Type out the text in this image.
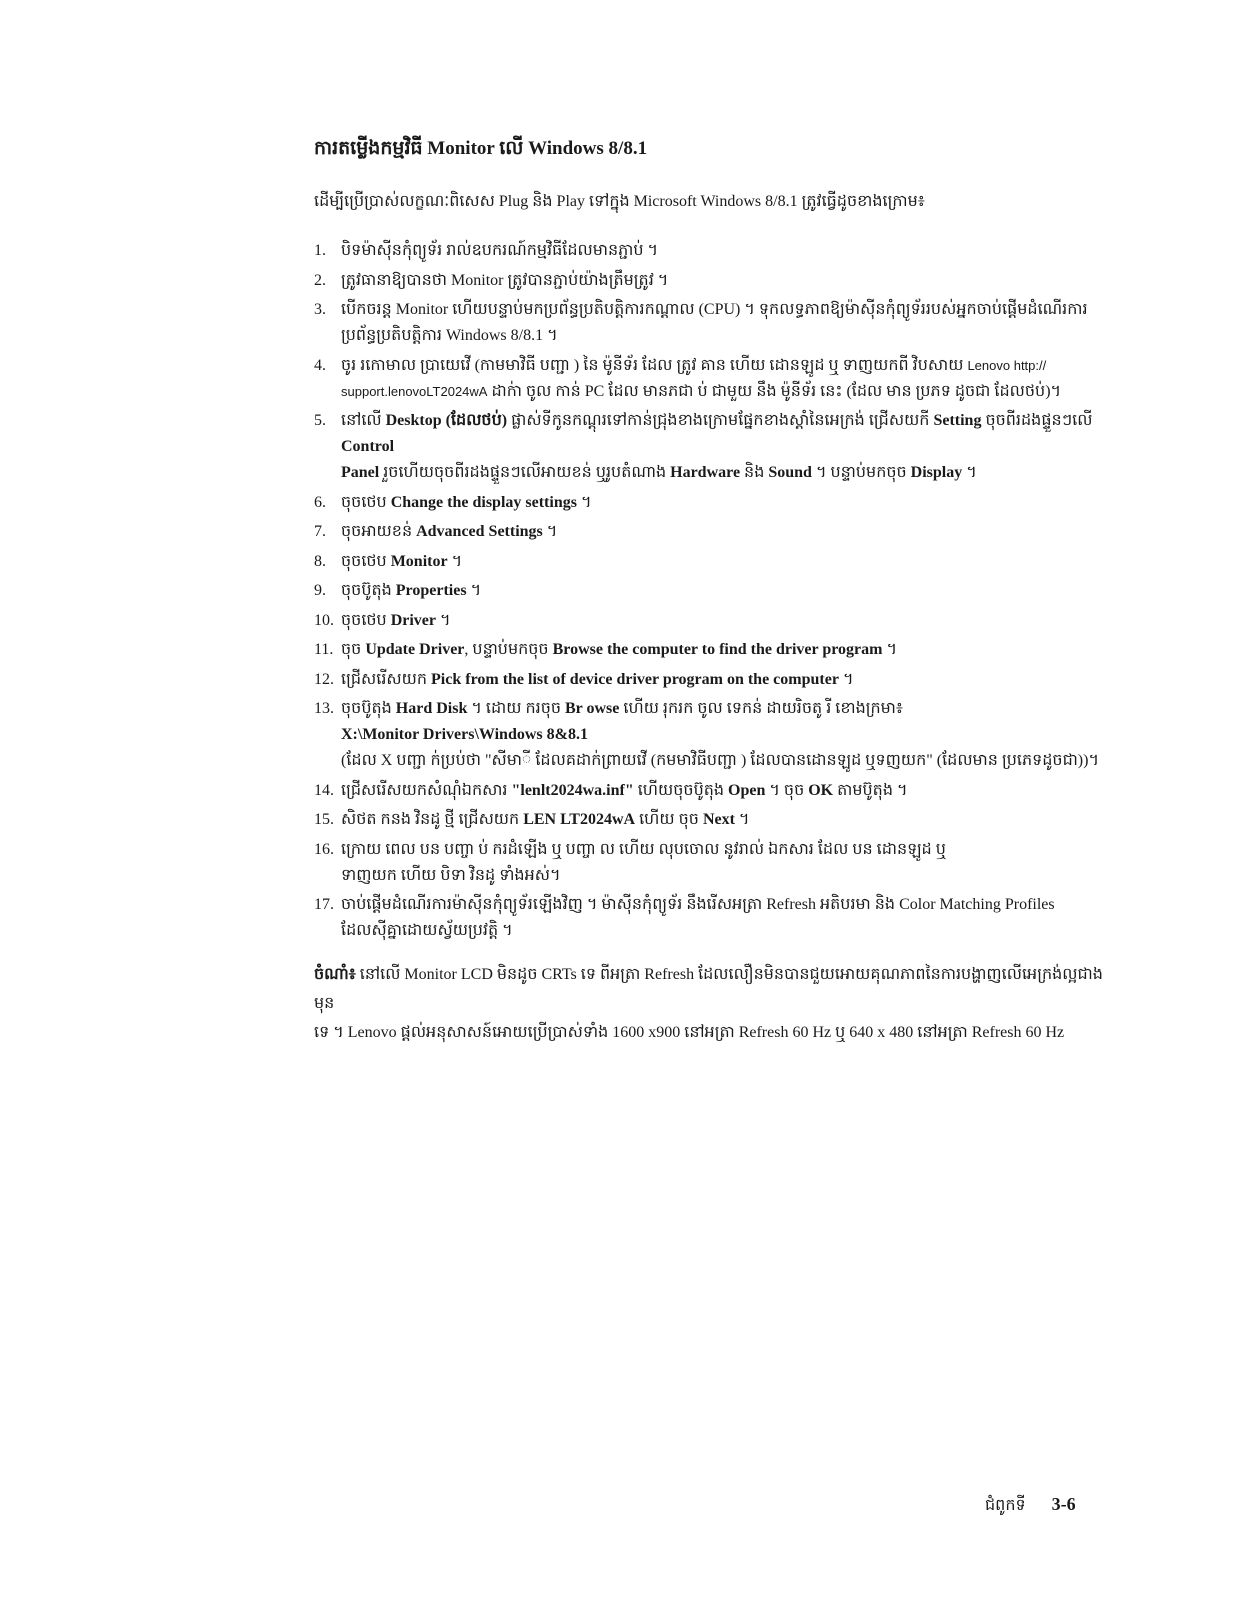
ការតម្លើងកម្មវិធី Monitor លើ Windows 8/8.1

ដើម្បីប្រើប្រាស់លក្ខណៈពិសេស Plug និង Play ទៅក្នុង Microsoft Windows 8/8.1 ត្រូវធ្វើដូចខាងក្រោម៖

1. បិទម៉ាស៊ីនកុំព្យូទ័រ រាល់ឧបករណ៍កម្មវិធីដែលមានភ្ជាប់ ។
2. ត្រូវធានាឱ្យបានថា Monitor ត្រូវបានភ្ជាប់យ៉ាងត្រឹមត្រូវ ។
3. បើកចរន្ត Monitor ហើយបន្ទាប់មកប្រព័ន្ធប្រតិបត្តិការកណ្តាល (CPU) ។ ទុកលទ្ធភាពឱ្យម៉ាស៊ីនកុំព្យូទ័ររបស់អ្នកចាប់ផ្តើមដំណើរការ
ប្រព័ន្ធប្រតិបត្តិការ Windows 8/8.1 ។
4. ចូរ រកោមាល ប្រាយេវើ (កាមមាវិធី បញ្ជា ) នៃ ម៉ូនីទ័រ ដែល ត្រូវ គាន ហើយ ដោនឡូដ ឬ ទាញយកពី វិបសាយ Lenovo http://
support.lenovoLT2024wA ដាក់ា ចូល កាន់ PC ដែល មានភជា ប់ ជាមួយ នឹង ម៉ូនីទ័រ នេះ (ដែល មាន ប្រភទ ដូចជា ដែលថប់)។
5. នៅលើ Desktop (ដែលថប់) ផ្លាស់ទីកូនកណ្តុរទៅកាន់ជ្រុងខាងក្រោមផ្នែកខាងស្តាំនៃអេក្រង់ ជ្រើសយកី Setting ចុចពីរដងផ្ទួនៗលើ Control
Panel រួចហើយចុចពីរដងផ្ទួនៗលើអាយខន់ ឬរូបតំណាង Hardware និង Sound ។ បន្ទាប់មកចុច Display ។
6. ចុចថេប Change the display settings ។
7. ចុចអាយខន់ Advanced Settings ។
8. ចុចថេប Monitor ។
9. ចុចប៊ូតុង Properties ។
10. ចុចថេប Driver ។
11. ចុច Update Driver, បន្ទាប់មកចុច Browse the computer to find the driver program ។
12. ជ្រើសរើសយក Pick from the list of device driver program on the computer ។
13. ចុចប៊ូតុង Hard Disk ។ ដោយ ករចុច Br owse ហើយ រុករក ចូល ទេកន់ ដាយរិចតូ រី ខោងក្រមា៖
X:\Monitor Drivers\Windows 8&8.1
(ដែល X បញ្ជា ក់ប្រប់ថា "សីមាី ដែលគដាក់ព្រាយវើ (កមមាវិធីបញ្ជា ) ដែលបានដោនឡូដ ឬទញយក" (ដែលមាន ប្រភេទដូចជា))។
14. ជ្រើសរើសយកសំណុំឯកសារ "lenlt2024wa.inf" ហើយចុចប៊ូតុង Open ។ ចុច OK តាមប៊ូតុង ។
15. សិថត កនង វិនដូ ថ្មី ជ្រើសយក LEN LT2024wA ហើយ ចុច Next ។
16. ក្រោយ ពេល បន បញ្ចា ប់ ករដំឡើង ឬ បញ្ចា ល ហើយ លុបចោល នូវរាល់ ឯកសារ ដែល បន ដោនឡូដ ឬ
ទាញយក ហើយ បិទា វិនដូ ទាំងអស់។
17. ចាប់ផ្តើមដំណើរការម៉ាស៊ីនកុំព្យូទ័រឡើងវិញ ។ ម៉ាស៊ីនកុំព្យូទ័រ នឹងរើសអត្រា Refresh អតិបរមា និង Color Matching Profiles
ដែលស៊ីគ្នាដោយស្វ័យប្រវត្តិ ។
ចំណាំ៖ នៅលើ Monitor LCD មិនដូច CRTs ទេ ពីអត្រា Refresh ដែលលឿនមិនបានជួយអោយគុណភាពនៃការបង្ហាញលើអេក្រង់ល្អជាងមុន
ទេ ។ Lenovo ផ្តល់អនុសាសន៍អោយប្រើប្រាស់ទាំង 1600 x900 នៅអត្រា Refresh 60 Hz ឬ 640 x 480 នៅអត្រា Refresh 60 Hz
ជំពូកទី 3-6
